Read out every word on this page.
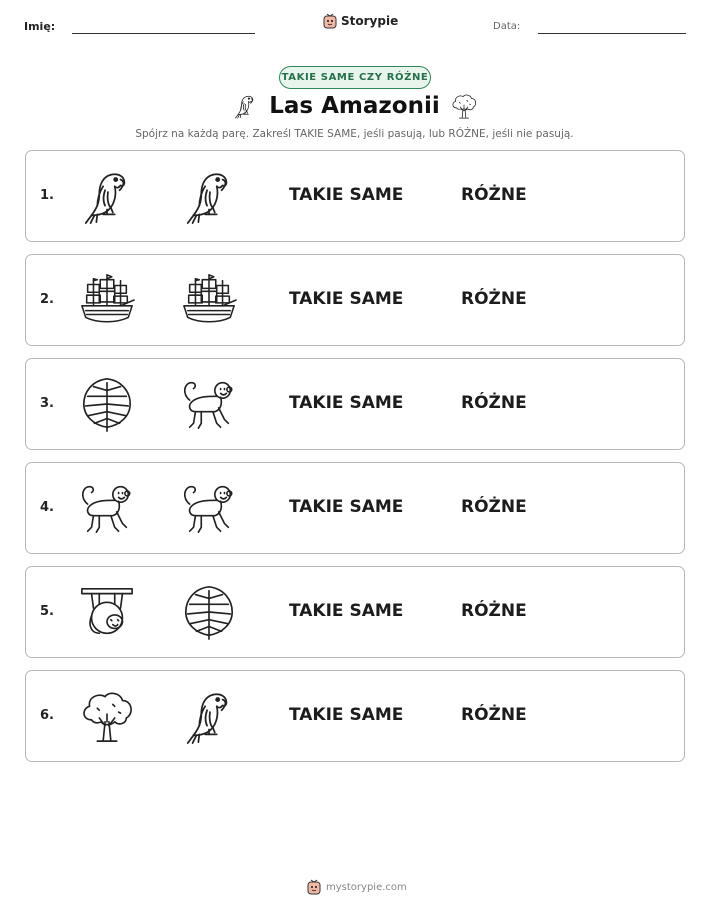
Imię:	Storypie	Data:
TAKIE SAME CZY RÓŻNE
Las Amazonii
Spójrz na każdą parę. Zakreśl TAKIE SAME, jeśli pasują, lub RÓŻNE, jeśli nie pasują.
1.	TAKIE SAME	RÓŻNE
2.	TAKIE SAME	RÓŻNE
3.	TAKIE SAME	RÓŻNE
4.	TAKIE SAME	RÓŻNE
5.	TAKIE SAME	RÓŻNE
6.	TAKIE SAME	RÓŻNE
mystorypie.com
